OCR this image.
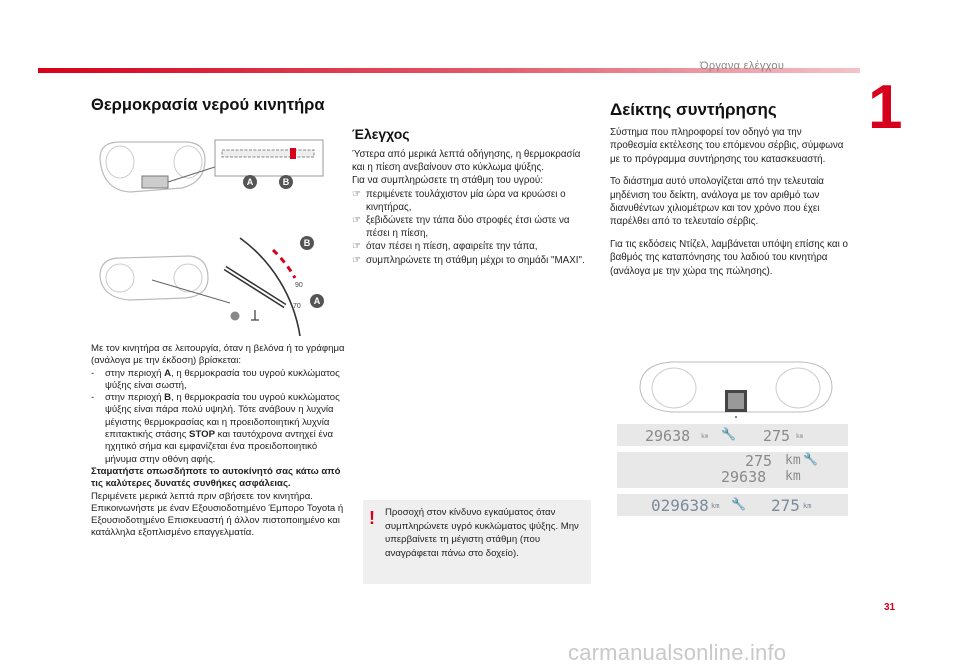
Όργανα ελέγχου
1
Θερμοκρασία νερού κινητήρα
90
70
A	B
B
A

Με τον κινητήρα σε λειτουργία, όταν η βελόνα ή το γράφημα (ανάλογα με την έκδοση) βρίσκεται:

-	στην περιοχή A, η θερμοκρασία του υγρού κυκλώματος ψύξης είναι σωστή,
-	στην περιοχή B, η θερμοκρασία του υγρού κυκλώματος ψύξης είναι πάρα πολύ υψηλή. Τότε ανάβουν η λυχνία μέγιστης θερμοκρασίας και η προειδοποιητική λυχνία επιτακτικής στάσης STOP και ταυτόχρονα αντηχεί ένα ηχητικό σήμα και εμφανίζεται ένα προειδοποιητικό μήνυμα στην οθόνη αφής.

Σταματήστε οπωσδήποτε το αυτοκίνητό σας κάτω από τις καλύτερες δυνατές συνθήκες ασφάλειας.

Περιμένετε μερικά λεπτά πριν σβήσετε τον κινητήρα.

Επικοινωνήστε με έναν Εξουσιοδοτημένο Έμπορο Toyota ή Εξουσιοδοτημένο Επισκευαστή ή άλλον πιστοποιημένο και κατάλληλα εξοπλισμένο επαγγελματία.

Έλεγχος

Ύστερα από μερικά λεπτά οδήγησης, η θερμοκρασία και η πίεση ανεβαίνουν στο κύκλωμα ψύξης.

Για να συμπληρώσετε τη στάθμη του υγρού:

☞ περιμένετε τουλάχιστον μία ώρα να κρυώσει ο κινητήρας,
☞ ξεβιδώνετε την τάπα δύο στροφές έτσι ώστε να πέσει η πίεση,
☞ όταν πέσει η πίεση, αφαιρείτε την τάπα,
☞ συμπληρώνετε τη στάθμη μέχρι το σημάδι "MAXI".
! Προσοχή στον κίνδυνο εγκαύματος όταν συμπληρώνετε υγρό κυκλώματος ψύξης. Μην υπερβαίνετε τη μέγιστη στάθμη (που αναγράφεται πάνω στο δοχείο).
Δείκτης συντήρησης

Σύστημα που πληροφορεί τον οδηγό για την προθεσμία εκτέλεσης του επόμενου σέρβις, σύμφωνα με το πρόγραμμα συντήρησης του κατασκευαστή.

Το διάστημα αυτό υπολογίζεται από την τελευταία μηδένιση του δείκτη, ανάλογα με τον αριθμό των διανυθέντων χιλιομέτρων και τον χρόνο που έχει παρέλθει από το τελευταίο σέρβις.

Για τις εκδόσεις Ντίζελ, λαμβάνεται υπόψη επίσης και ο βαθμός της καταπόνησης του λαδιού του κινητήρα (ανάλογα με την χώρα της πώλησης).

29638 km 🔧 275 km
275 km 🔧
29638 km
029638 km 🔧 275 km
31
carmanualsonline.info
